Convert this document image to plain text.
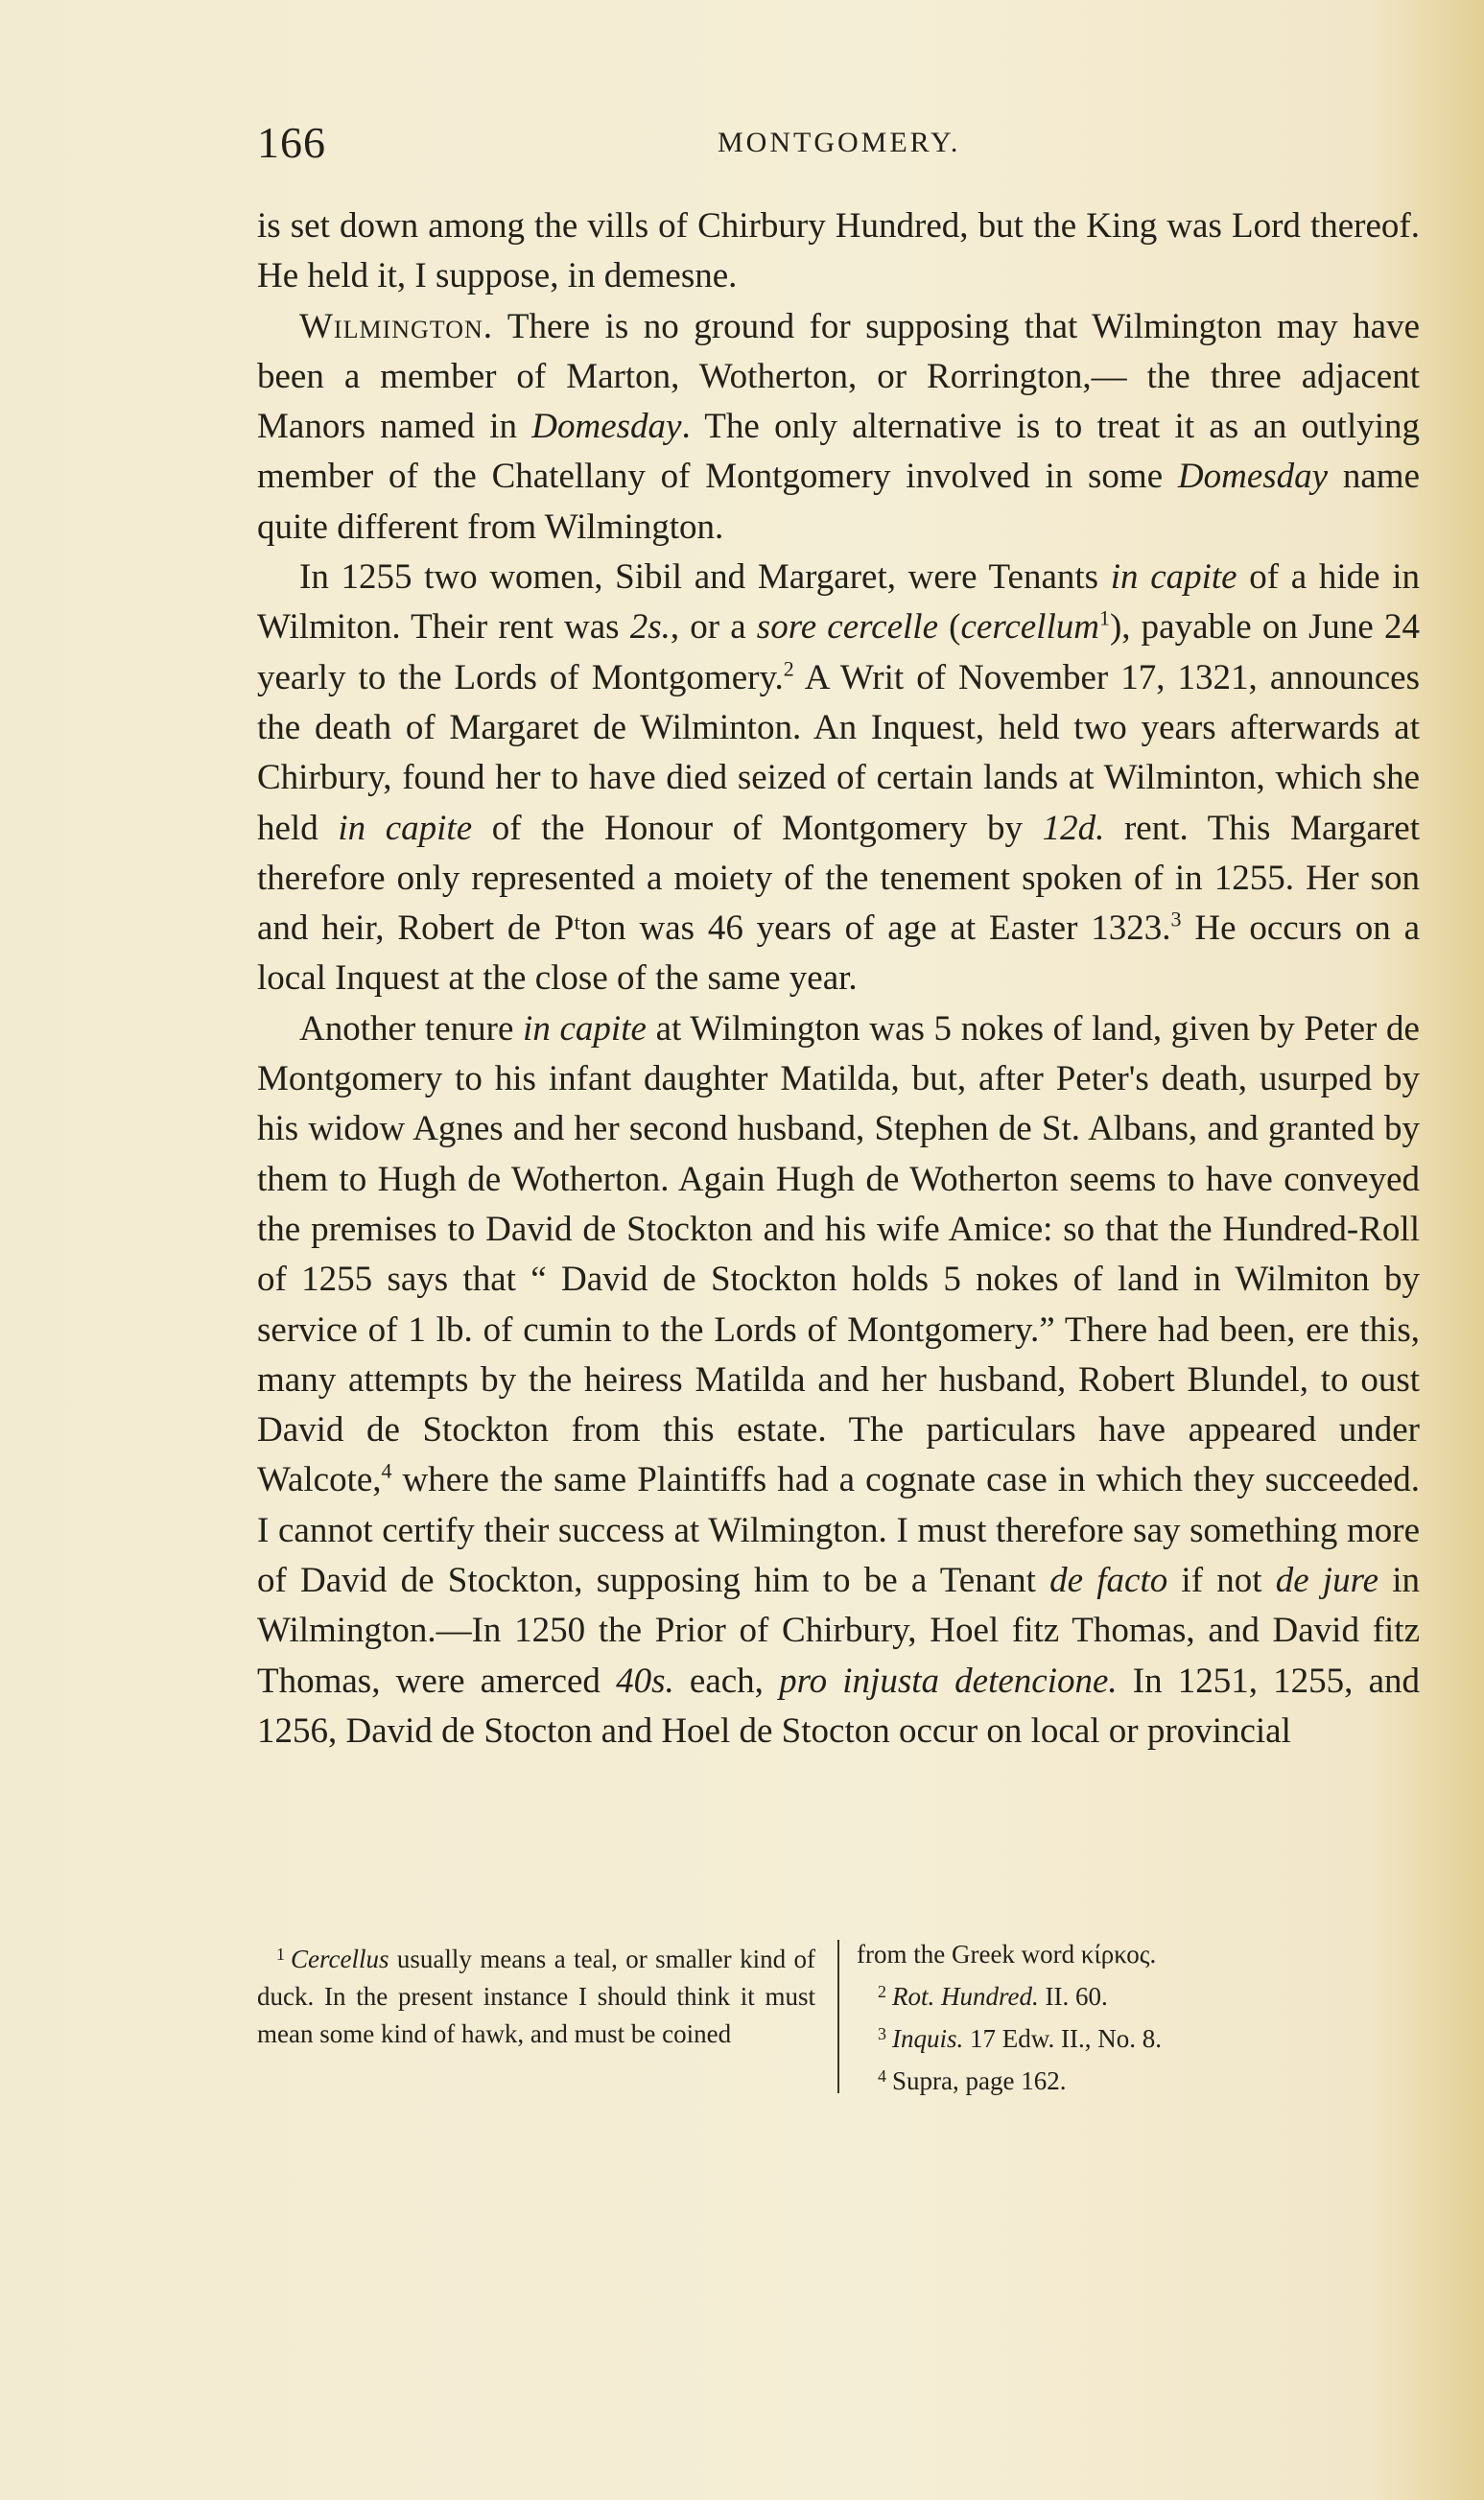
166	MONTGOMERY.

is set down among the vills of Chirbury Hundred, but the King was Lord thereof. He held it, I suppose, in demesne.

Wilmington. There is no ground for supposing that Wilmington may have been a member of Marton, Wotherton, or Rorrington,— the three adjacent Manors named in Domesday. The only alternative is to treat it as an outlying member of the Chatellany of Montgomery involved in some Domesday name quite different from Wilmington.

In 1255 two women, Sibil and Margaret, were Tenants in capite of a hide in Wilmiton. Their rent was 2s., or a sore cercelle (cercellum$^1$), payable on June 24 yearly to the Lords of Montgomery.$^2$ A Writ of November 17, 1321, announces the death of Margaret de Wilminton. An Inquest, held two years afterwards at Chirbury, found her to have died seized of certain lands at Wilminton, which she held in capite of the Honour of Montgomery by 12d. rent. This Margaret therefore only represented a moiety of the tenement spoken of in 1255. Her son and heir, Robert de Pᵗton was 46 years of age at Easter 1323.$^3$ He occurs on a local Inquest at the close of the same year.

Another tenure in capite at Wilmington was 5 nokes of land, given by Peter de Montgomery to his infant daughter Matilda, but, after Peter's death, usurped by his widow Agnes and her second husband, Stephen de St. Albans, and granted by them to Hugh de Wotherton. Again Hugh de Wotherton seems to have conveyed the premises to David de Stockton and his wife Amice: so that the Hundred-Roll of 1255 says that “ David de Stockton holds 5 nokes of land in Wilmiton by service of 1 lb. of cumin to the Lords of Montgomery.” There had been, ere this, many attempts by the heiress Matilda and her husband, Robert Blundel, to oust David de Stockton from this estate. The particulars have appeared under Walcote,$^4$ where the same Plaintiffs had a cognate case in which they succeeded. I cannot certify their success at Wilmington. I must therefore say something more of David de Stockton, supposing him to be a Tenant de facto if not de jure in Wilmington.—In 1250 the Prior of Chirbury, Hoel fitz Thomas, and David fitz Thomas, were amerced 40s. each, pro injusta detencione. In 1251, 1255, and 1256, David de Stocton and Hoel de Stocton occur on local or provincial

$^1$ Cercellus usually means a teal, or smaller kind of duck. In the present instance I should think it must mean some kind of hawk, and must be coined

from the Greek word κίρκος.

$^2$ Rot. Hundred. II. 60.

$^3$ Inquis. 17 Edw. II., No. 8.

$^4$ Supra, page 162.
